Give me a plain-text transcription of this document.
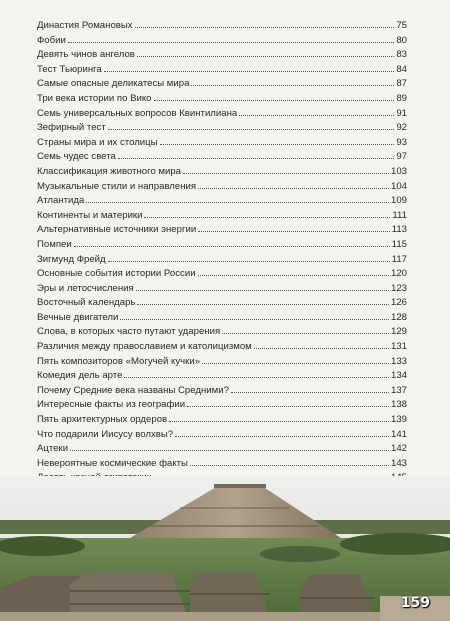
Династия Романовых	75
Фобии	80
Девять чинов ангелов	83
Тест Тьюринга	84
Самые опасные деликатесы мира	87
Три века истории по Вико	89
Семь универсальных вопросов Квинтилиана	91
Зефирный тест	92
Страны мира и их столицы	93
Семь чудес света	97
Классификация животного мира	103
Музыкальные стили и направления	104
Атлантида	109
Континенты и материки	111
Альтернативные источники энергии	113
Помпеи	115
Зигмунд Фрейд	117
Основные события истории России	120
Эры и летосчисления	123
Восточный календарь	126
Вечные двигатели	128
Слова, в которых часто путают ударения	129
Различия между православием и католицизмом	131
Пять композиторов «Могучей кучки»	133
Комедия дель арте	134
Почему Средние века названы Средними?	137
Интересные факты из географии	138
Пять архитектурных ордеров	139
Что подарили Иисусу волхвы?	141
Ацтеки	142
Невероятные космические факты	143
159
